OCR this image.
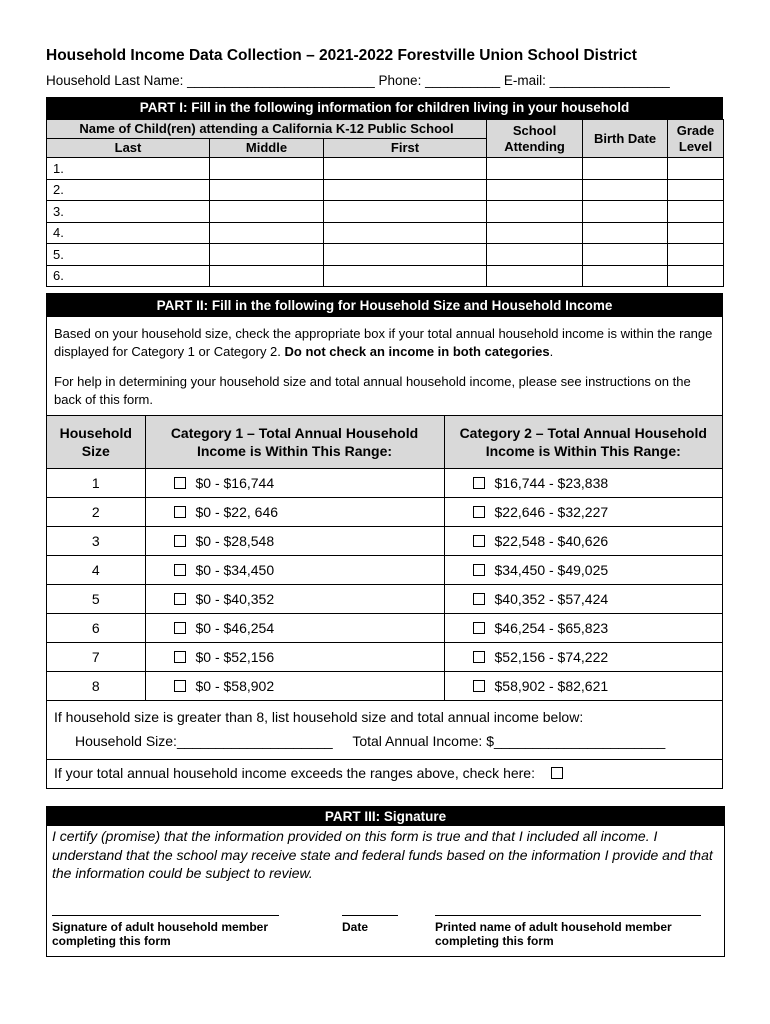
Household Income Data Collection – 2021-2022 Forestville Union School District
Household Last Name: _________________________ Phone: __________ E-mail: ________________
PART I: Fill in the following information for children living in your household
Name of Child(ren) attending a California K-12 Public School			School Attending	Birth Date	Grade Level
Last	Middle	First			
1.					
2.					
3.					
4.					
5.					
6.					
PART II: Fill in the following for Household Size and Household Income
Based on your household size, check the appropriate box if your total annual household income is within the range displayed for Category 1 or Category 2. Do not check an income in both categories.
For help in determining your household size and total annual household income, please see instructions on the back of this form.
Household Size	Category 1 – Total Annual Household Income is Within This Range:	Category 2 – Total Annual Household Income is Within This Range:
1	$0 - $16,744	$16,744 - $23,838
2	$0 - $22, 646	$22,646 - $32,227
3	$0 - $28,548	$22,548 - $40,626
4	$0 - $34,450	$34,450 - $49,025
5	$0 - $40,352	$40,352 - $57,424
6	$0 - $46,254	$46,254 - $65,823
7	$0 - $52,156	$52,156 - $74,222
8	$0 - $58,902	$58,902 - $82,621
If household size is greater than 8, list household size and total annual income below:
Household Size:____________________ Total Annual Income: $______________________
If your total annual household income exceeds the ranges above, check here:
PART III: Signature
I certify (promise) that the information provided on this form is true and that I included all income. I understand that the school may receive state and federal funds based on the information I provide and that the information could be subject to review.
Signature of adult household member completing this form
Date	Printed name of adult household member completing this form
